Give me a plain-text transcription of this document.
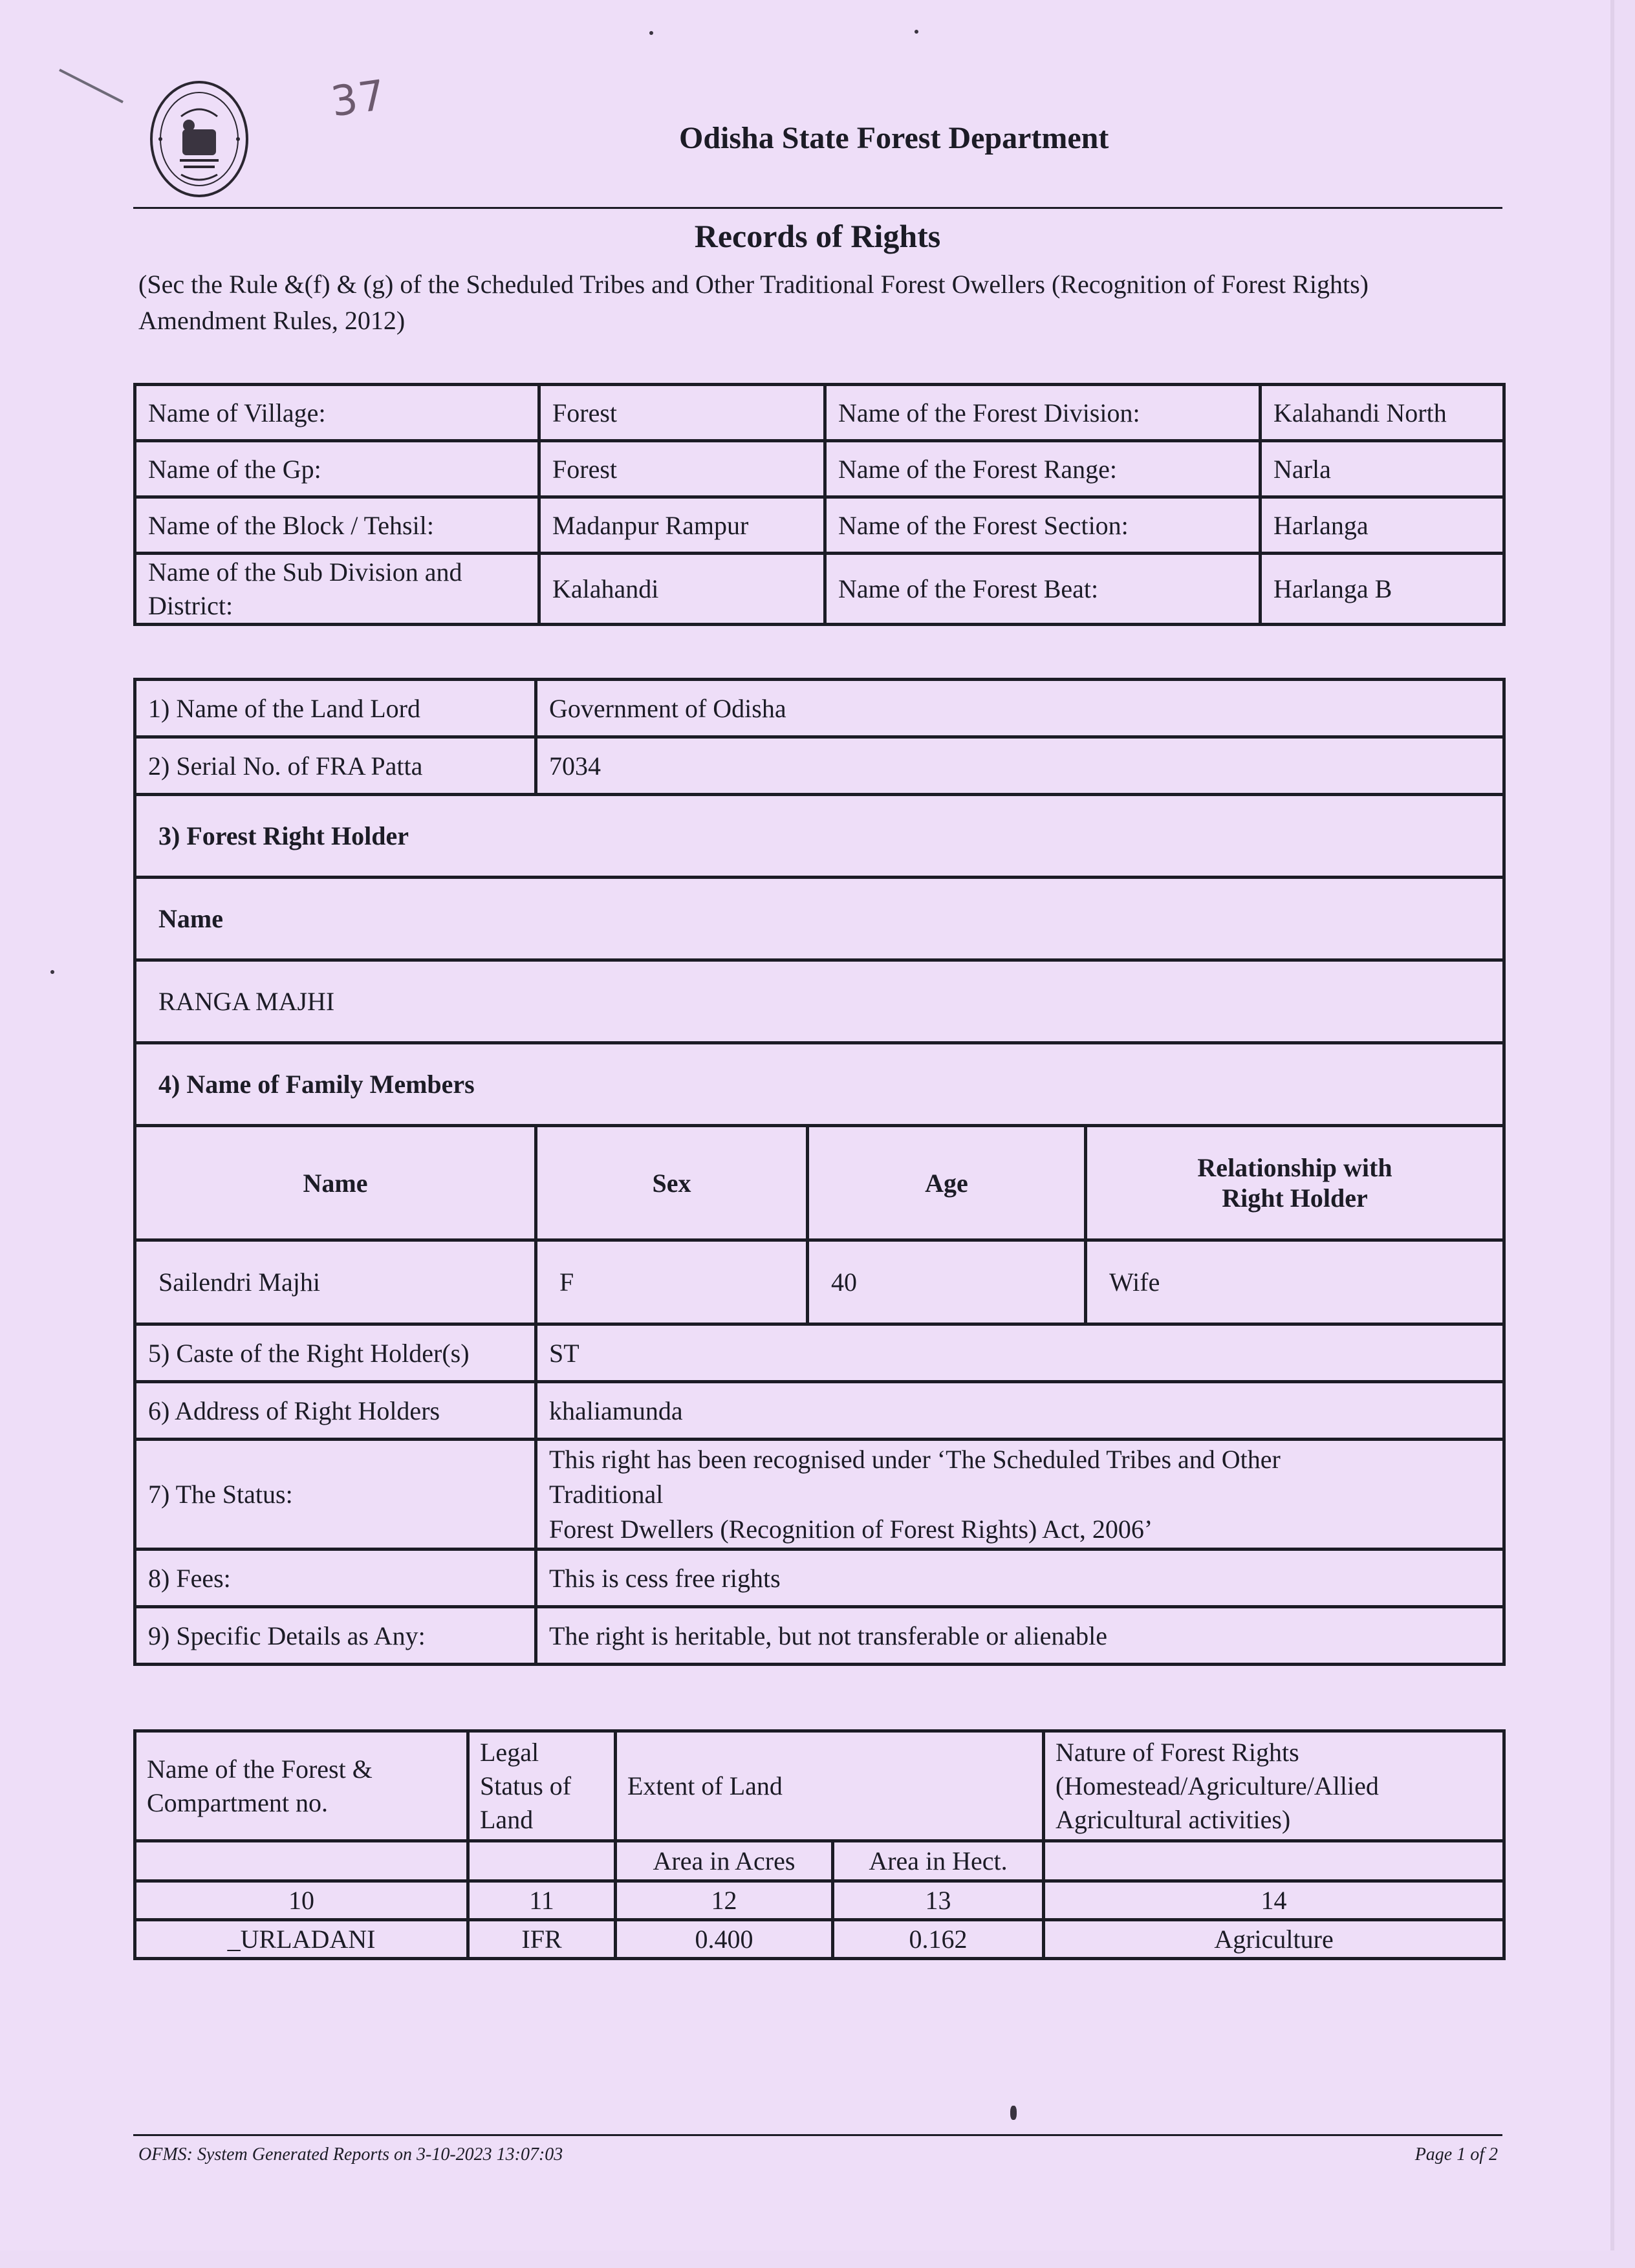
37
Odisha State Forest Department
Records of Rights
(Sec the Rule &(f) & (g) of the Scheduled Tribes and Other Traditional Forest Owellers (Recognition of Forest Rights) Amendment Rules, 2012)
Name of Village:	Forest	Name of the Forest Division:	Kalahandi North
Name of the Gp:	Forest	Name of the Forest Range:	Narla
Name of the Block / Tehsil:	Madanpur Rampur	Name of the Forest Section:	Harlanga
Name of the Sub Division and District:	Kalahandi	Name of the Forest Beat:	Harlanga B
1) Name of the Land Lord	Government of Odisha		
2) Serial No. of FRA Patta	7034		
3) Forest Right Holder			
Name			
RANGA MAJHI			
4) Name of Family Members			
Name	Sex	Age	Relationship with Right Holder
Sailendri Majhi	F	40	Wife
5) Caste of the Right Holder(s)	ST		
6) Address of Right Holders	khaliamunda		
7) The Status:	This right has been recognised under ‘The Scheduled Tribes and Other Traditional
Forest Dwellers (Recognition of Forest Rights) Act, 2006’		

8) Fees:	This is cess free rights		
9) Specific Details as Any:	The right is heritable, but not transferable or alienable		
Name of the Forest & Compartment no.	Legal Status of Land	Extent of Land		Nature of Forest Rights (Homestead/Agriculture/Allied Agricultural activities)
		Area in Acres	Area in Hect.	
10	11	12	13	14
_URLADANI	IFR	0.400	0.162	Agriculture
OFMS: System Generated Reports on 3-10-2023 13:07:03	Page 1 of 2
